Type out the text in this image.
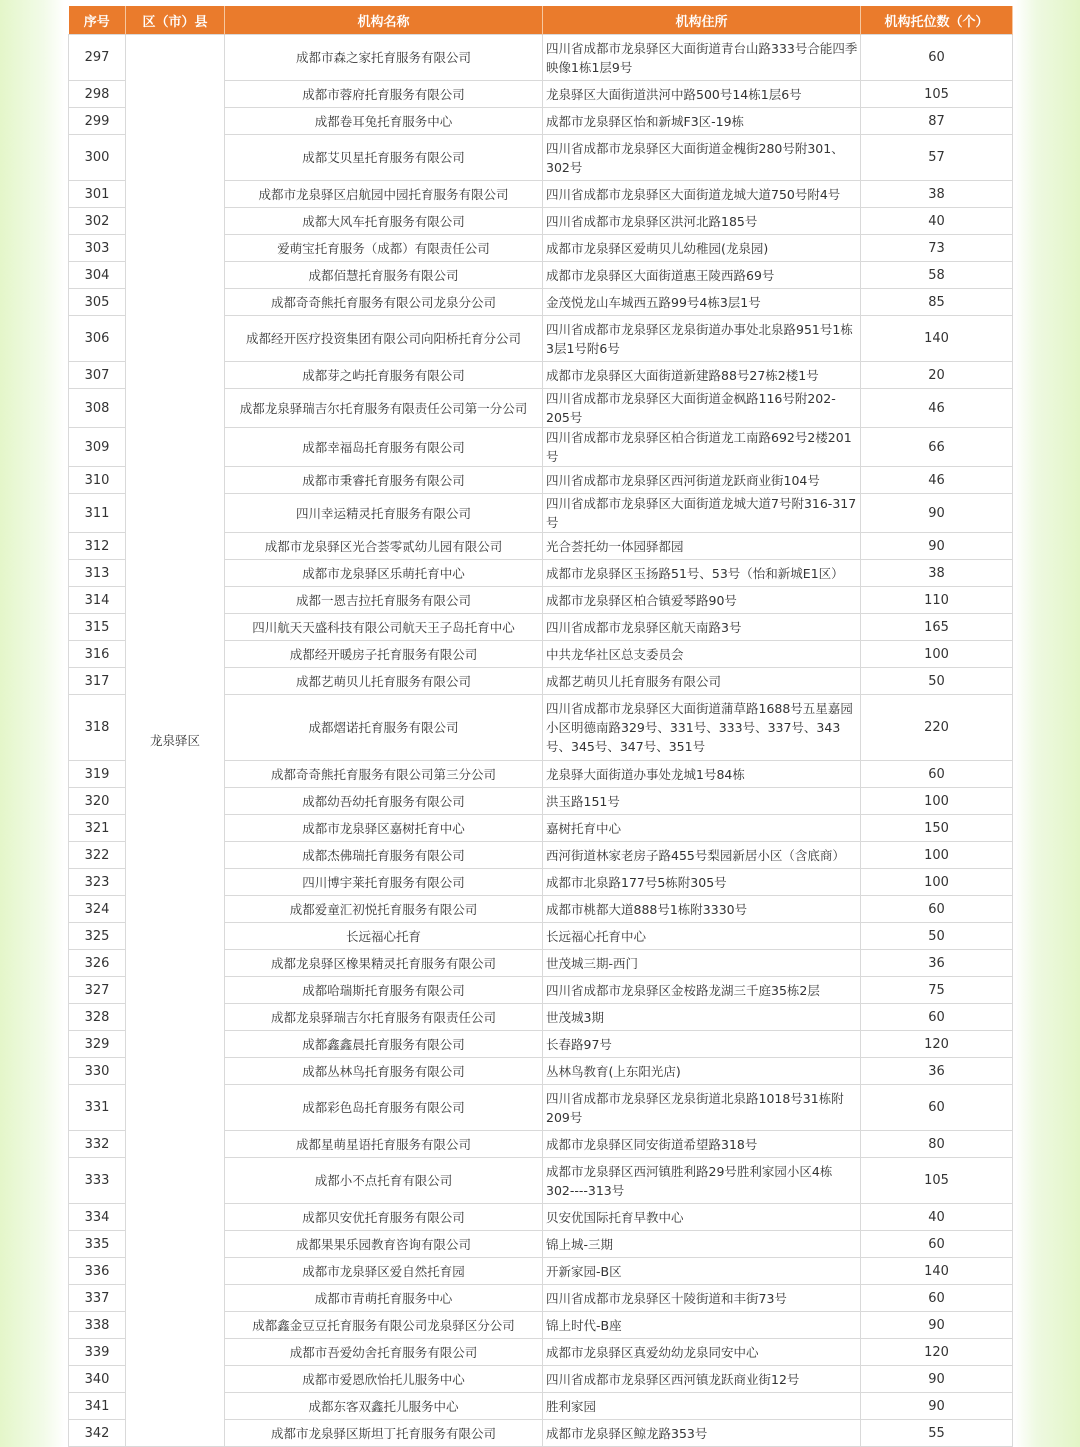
序号	区（市）县	机构名称	机构住所	机构托位数（个）
297	龙泉驿区	成都市森之家托育服务有限公司	四川省成都市龙泉驿区大面街道青台山路333号合能四季映像1栋1层9号	60
298		成都市蓉府托育服务有限公司	龙泉驿区大面街道洪河中路500号14栋1层6号	105
299		成都卷耳兔托育服务中心	成都市龙泉驿区怡和新城F3区-19栋	87
300		成都艾贝星托育服务有限公司	四川省成都市龙泉驿区大面街道金槐街280号附301、302号	57
301		成都市龙泉驿区启航园中园托育服务有限公司	四川省成都市龙泉驿区大面街道龙城大道750号附4号	38
302		成都大风车托育服务有限公司	四川省成都市龙泉驿区洪河北路185号	40
303		爱萌宝托育服务（成都）有限责任公司	成都市龙泉驿区爱萌贝儿幼稚园(龙泉园)	73
304		成都佰慧托育服务有限公司	成都市龙泉驿区大面街道惠王陵西路69号	58
305		成都奇奇熊托育服务有限公司龙泉分公司	金茂悦龙山车城西五路99号4栋3层1号	85
306		成都经开医疗投资集团有限公司向阳桥托育分公司	四川省成都市龙泉驿区龙泉街道办事处北泉路951号1栋3层1号附6号	140
307		成都芽之屿托育服务有限公司	成都市龙泉驿区大面街道新建路88号27栋2楼1号	20
308		成都龙泉驿瑞吉尔托育服务有限责任公司第一分公司	四川省成都市龙泉驿区大面街道金枫路116号附202-205号	46
309		成都幸福岛托育服务有限公司	四川省成都市龙泉驿区柏合街道龙工南路692号2楼201号	66
310		成都市秉睿托育服务有限公司	四川省成都市龙泉驿区西河街道龙跃商业街104号	46
311		四川幸运精灵托育服务有限公司	四川省成都市龙泉驿区大面街道龙城大道7号附316-317号	90
312		成都市龙泉驿区光合荟零贰幼儿园有限公司	光合荟托幼一体园驿都园	90
313		成都市龙泉驿区乐萌托育中心	成都市龙泉驿区玉扬路51号、53号（怡和新城E1区）	38
314		成都一恩吉拉托育服务有限公司	成都市龙泉驿区柏合镇爱琴路90号	110
315		四川航天天盛科技有限公司航天王子岛托育中心	四川省成都市龙泉驿区航天南路3号	165
316		成都经开暖房子托育服务有限公司	中共龙华社区总支委员会	100
317		成都艺萌贝儿托育服务有限公司	成都艺萌贝儿托育服务有限公司	50
318		成都熠诺托育服务有限公司	四川省成都市龙泉驿区大面街道蒲草路1688号五星嘉园小区明德南路329号、331号、333号、337号、343号、345号、347号、351号	220
319		成都奇奇熊托育服务有限公司第三分公司	龙泉驿大面街道办事处龙城1号84栋	60
320		成都幼吾幼托育服务有限公司	洪玉路151号	100
321		成都市龙泉驿区嘉树托育中心	嘉树托育中心	150
322		成都杰佛瑞托育服务有限公司	西河街道林家老房子路455号梨园新居小区（含底商）	100
323		四川博宇莱托育服务有限公司	成都市北泉路177号5栋附305号	100
324		成都爱童汇初悦托育服务有限公司	成都市桃都大道888号1栋附3330号	60
325		长远福心托育	长远福心托育中心	50
326		成都龙泉驿区橡果精灵托育服务有限公司	世茂城三期-西门	36
327		成都哈瑞斯托育服务有限公司	四川省成都市龙泉驿区金桉路龙湖三千庭35栋2层	75
328		成都龙泉驿瑞吉尔托育服务有限责任公司	世茂城3期	60
329		成都鑫鑫晨托育服务有限公司	长春路97号	120
330		成都丛林鸟托育服务有限公司	丛林鸟教育(上东阳光店)	36
331		成都彩色岛托育服务有限公司	四川省成都市龙泉驿区龙泉街道北泉路1018号31栋附209号	60
332		成都星萌星语托育服务有限公司	成都市龙泉驿区同安街道希望路318号	80
333		成都小不点托育有限公司	成都市龙泉驿区西河镇胜利路29号胜利家园小区4栋302----313号	105
334		成都贝安优托育服务有限公司	贝安优国际托育早教中心	40
335		成都果果乐园教育咨询有限公司	锦上城-三期	60
336		成都市龙泉驿区爱自然托育园	开新家园-B区	140
337		成都市青萌托育服务中心	四川省成都市龙泉驿区十陵街道和丰街73号	60
338		成都鑫金豆豆托育服务有限公司龙泉驿区分公司	锦上时代-B座	90
339		成都市吾爱幼舍托育服务有限公司	成都市龙泉驿区真爱幼幼龙泉同安中心	120
340		成都市爱恩欣怡托儿服务中心	四川省成都市龙泉驿区西河镇龙跃商业街12号	90
341		成都东客双鑫托儿服务中心	胜利家园	90
342		成都市龙泉驿区斯坦丁托育服务有限公司	成都市龙泉驿区鲸龙路353号	55
